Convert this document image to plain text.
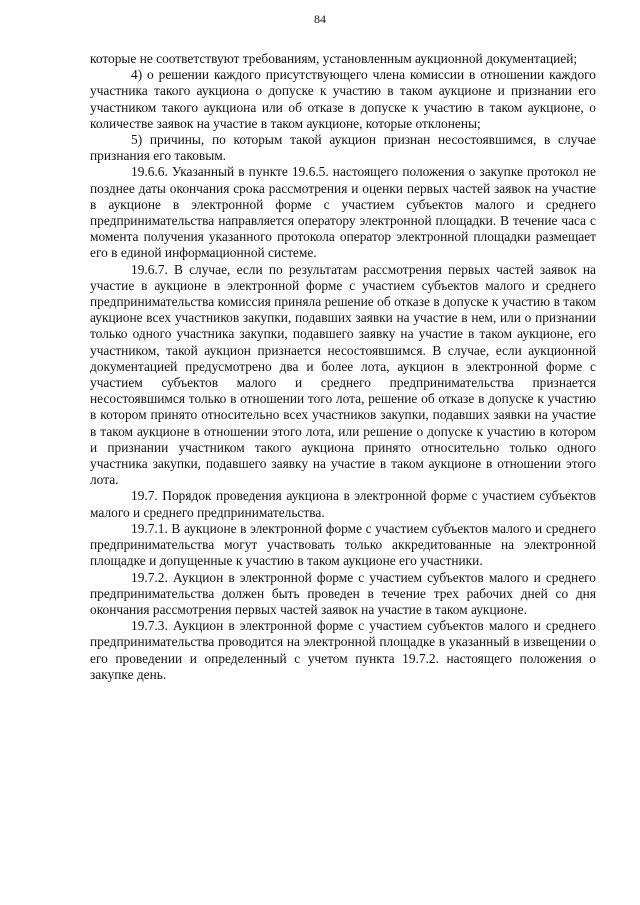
84

которые не соответствуют требованиям, установленным аукционной документацией;

4) о решении каждого присутствующего члена комиссии в отношении каждого участника такого аукциона о допуске к участию в таком аукционе и признании его участником такого аукциона или об отказе в допуске к участию в таком аукционе, о количестве заявок на участие в таком аукционе, которые отклонены;

5) причины, по которым такой аукцион признан несостоявшимся, в случае признания его таковым.

19.6.6. Указанный в пункте 19.6.5. настоящего положения о закупке протокол не позднее даты окончания срока рассмотрения и оценки первых частей заявок на участие в аукционе в электронной форме с участием субъектов малого и среднего предпринимательства направляется оператору электронной площадки. В течение часа с момента получения указанного протокола оператор электронной площадки размещает его в единой информационной системе.

19.6.7. В случае, если по результатам рассмотрения первых частей заявок на участие в аукционе в электронной форме с участием субъектов малого и среднего предпринимательства комиссия приняла решение об отказе в допуске к участию в таком аукционе всех участников закупки, подавших заявки на участие в нем, или о признании только одного участника закупки, подавшего заявку на участие в таком аукционе, его участником, такой аукцион признается несостоявшимся. В случае, если аукционной документацией предусмотрено два и более лота, аукцион в электронной форме с участием субъектов малого и среднего предпринимательства признается несостоявшимся только в отношении того лота, решение об отказе в допуске к участию в котором принято относительно всех участников закупки, подавших заявки на участие в таком аукционе в отношении этого лота, или решение о допуске к участию в котором и признании участником такого аукциона принято относительно только одного участника закупки, подавшего заявку на участие в таком аукционе в отношении этого лота.

19.7. Порядок проведения аукциона в электронной форме с участием субъектов малого и среднего предпринимательства.

19.7.1. В аукционе в электронной форме с участием субъектов малого и среднего предпринимательства могут участвовать только аккредитованные на электронной площадке и допущенные к участию в таком аукционе его участники.

19.7.2. Аукцион в электронной форме с участием субъектов малого и среднего предпринимательства должен быть проведен в течение трех рабочих дней со дня окончания рассмотрения первых частей заявок на участие в таком аукционе.

19.7.3. Аукцион в электронной форме с участием субъектов малого и среднего предпринимательства проводится на электронной площадке в указанный в извещении о его проведении и определенный с учетом пункта 19.7.2. настоящего положения о закупке день.
